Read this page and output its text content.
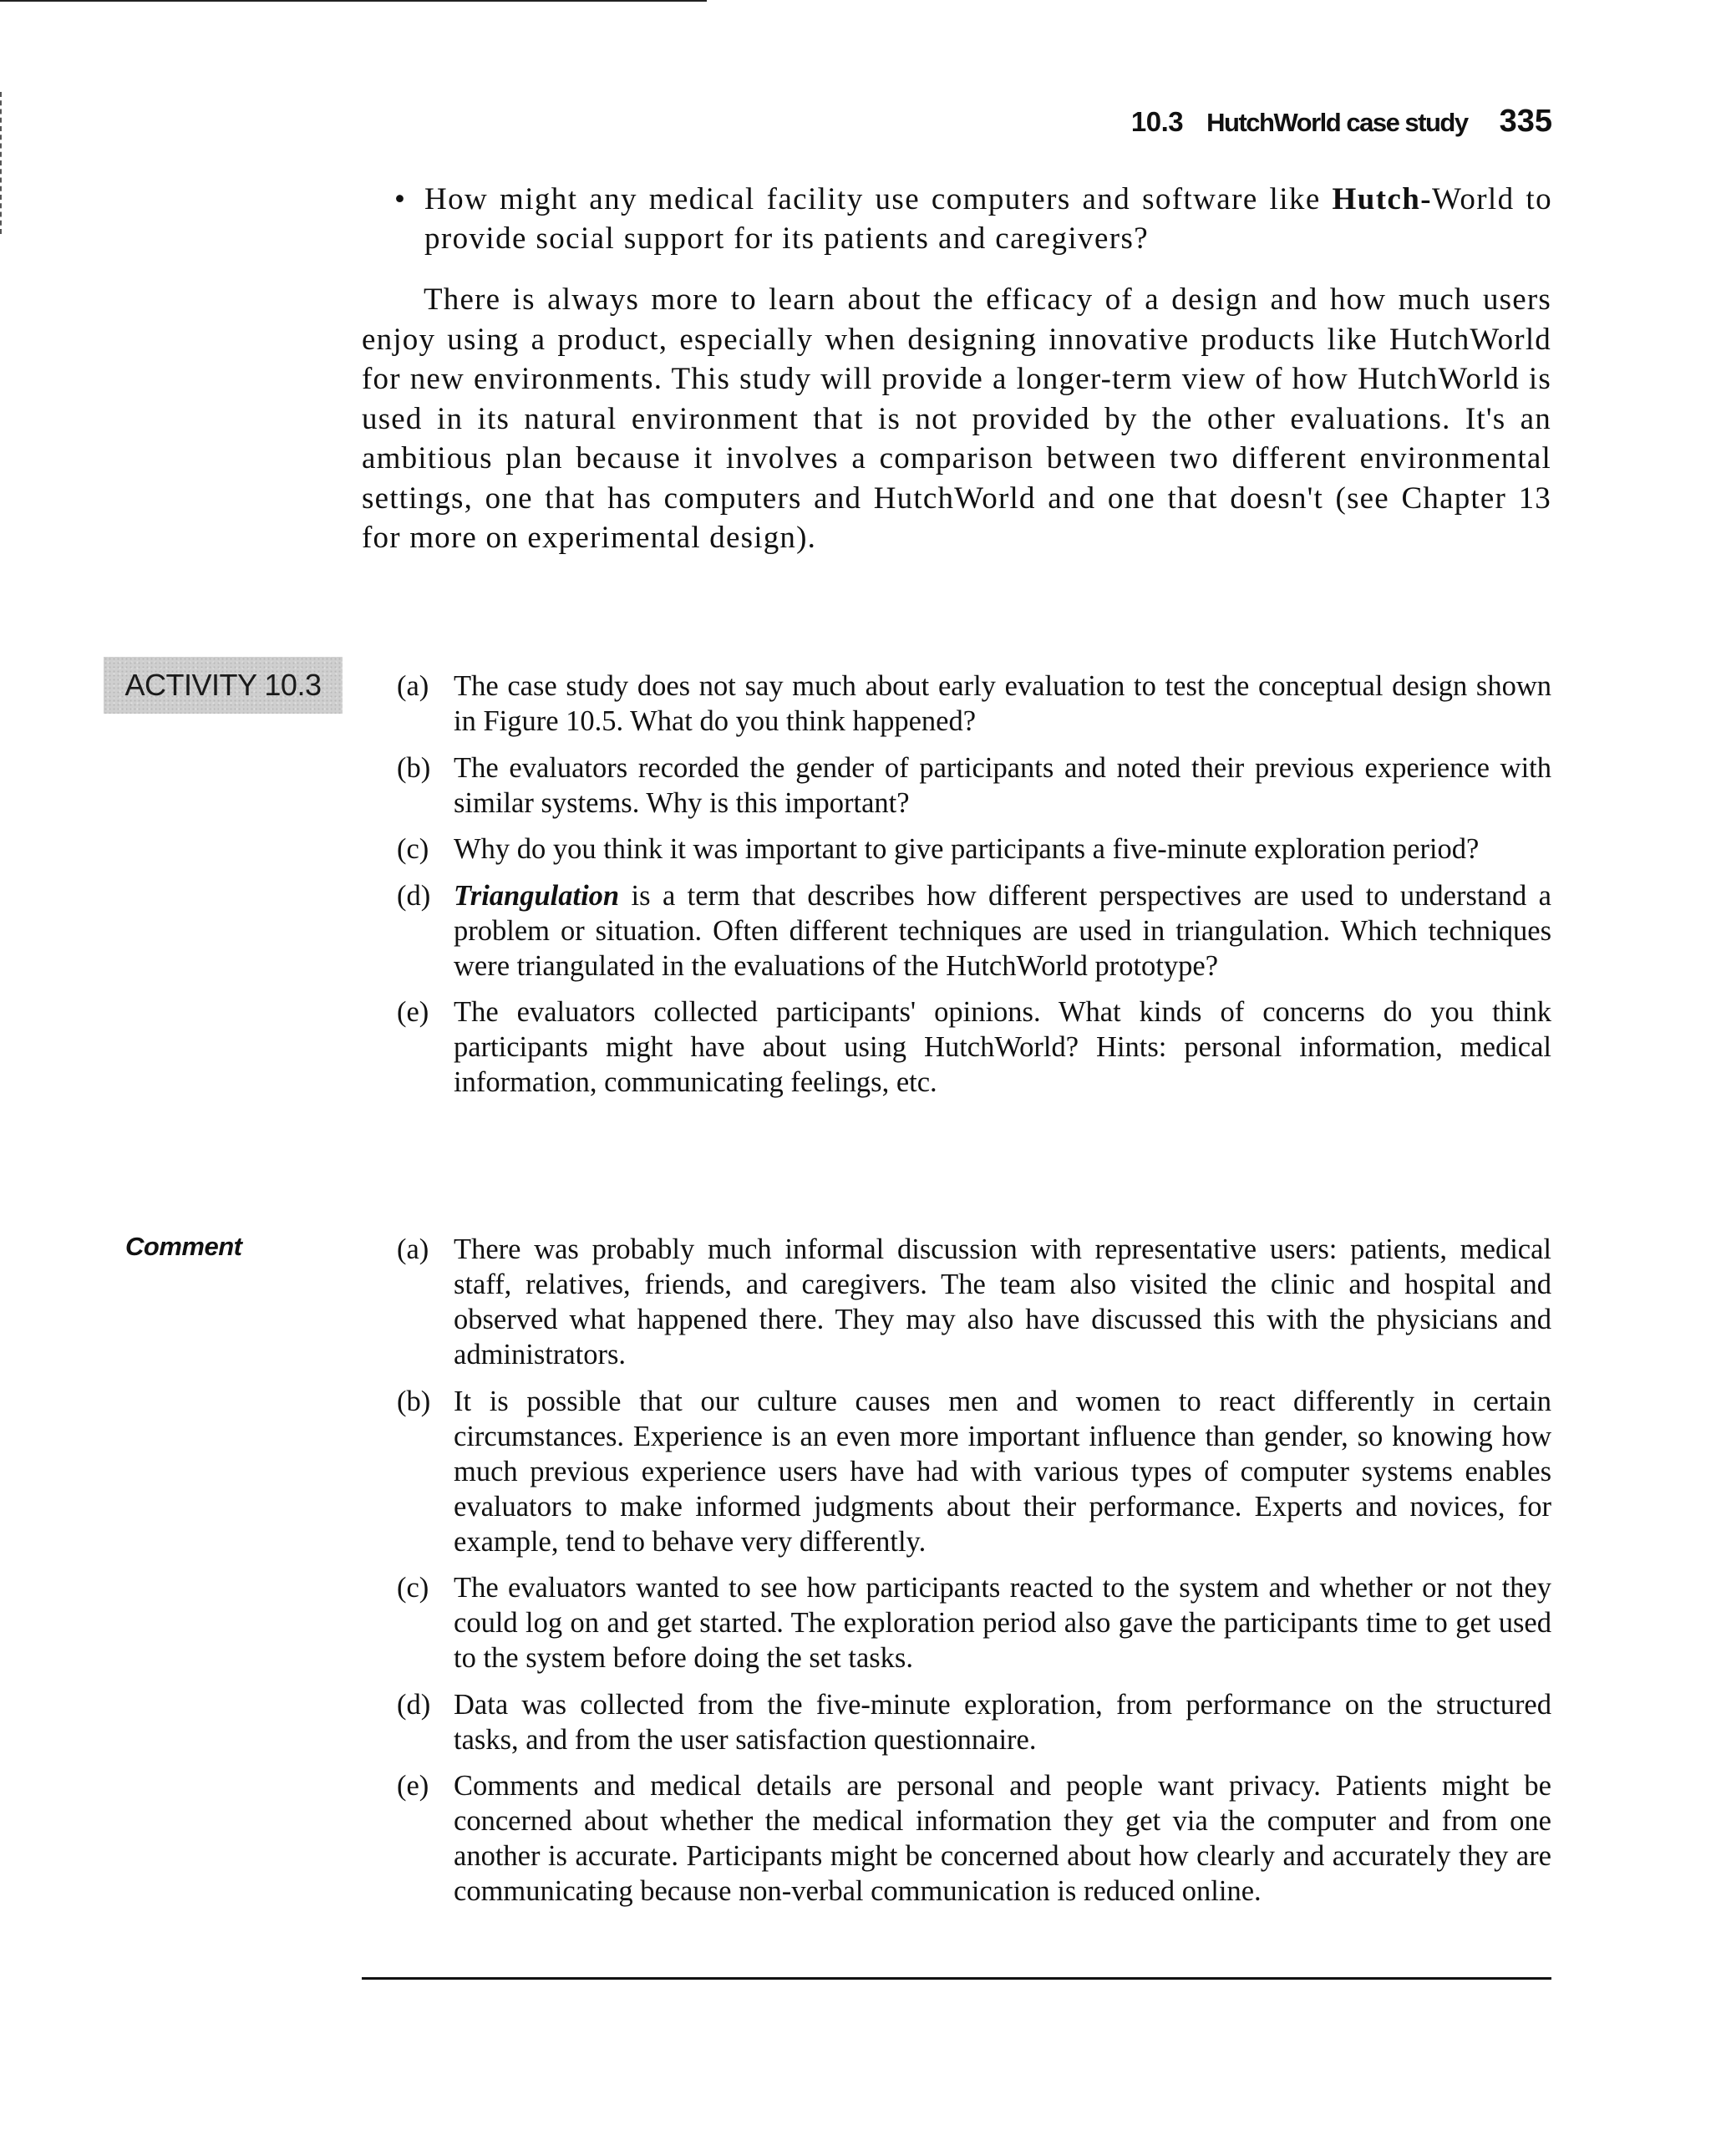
10.3 HutchWorld case study 335
• How might any medical facility use computers and software like Hutch-World to provide social support for its patients and caregivers?

There is always more to learn about the efficacy of a design and how much users enjoy using a product, especially when designing innovative products like HutchWorld for new environments. This study will provide a longer-term view of how HutchWorld is used in its natural environment that is not provided by the other evaluations. It's an ambitious plan because it involves a comparison between two different environmental settings, one that has computers and HutchWorld and one that doesn't (see Chapter 13 for more on experimental design).

ACTIVITY 10.3	(a) The case study does not say much about early evaluation to test the conceptual design shown in Figure 10.5. What do you think happened?
(b) The evaluators recorded the gender of participants and noted their previous experience with similar systems. Why is this important?
(c) Why do you think it was important to give participants a five-minute exploration period?
(d) Triangulation is a term that describes how different perspectives are used to understand a problem or situation. Often different techniques are used in triangulation. Which techniques were triangulated in the evaluations of the HutchWorld prototype?
(e) The evaluators collected participants' opinions. What kinds of concerns do you think participants might have about using HutchWorld? Hints: personal information, medical information, communicating feelings, etc.
Comment	(a) There was probably much informal discussion with representative users: patients, medical staff, relatives, friends, and caregivers. The team also visited the clinic and hospital and observed what happened there. They may also have discussed this with the physicians and administrators.
(b) It is possible that our culture causes men and women to react differently in certain circumstances. Experience is an even more important influence than gender, so knowing how much previous experience users have had with various types of computer systems enables evaluators to make informed judgments about their performance. Experts and novices, for example, tend to behave very differently.
(c) The evaluators wanted to see how participants reacted to the system and whether or not they could log on and get started. The exploration period also gave the participants time to get used to the system before doing the set tasks.
(d) Data was collected from the five-minute exploration, from performance on the structured tasks, and from the user satisfaction questionnaire.
(e) Comments and medical details are personal and people want privacy. Patients might be concerned about whether the medical information they get via the computer and from one another is accurate. Participants might be concerned about how clearly and accurately they are communicating because non-verbal communication is reduced online.
